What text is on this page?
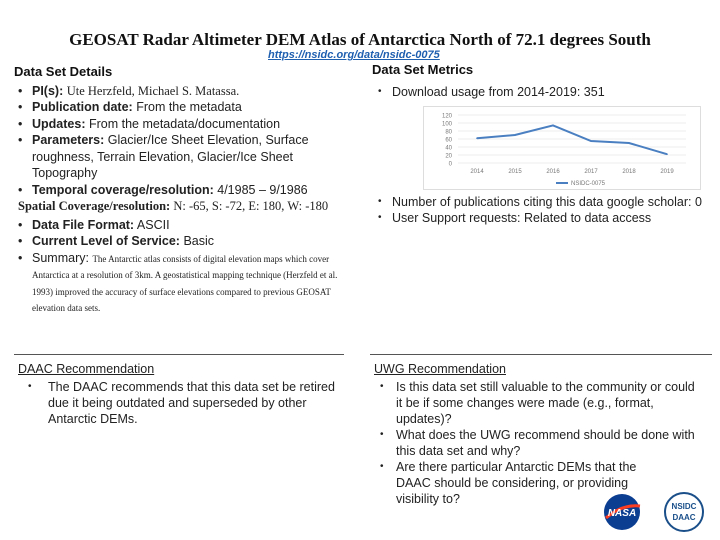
GEOSAT Radar Altimeter DEM Atlas of Antarctica North of 72.1 degrees South
https://nsidc.org/data/nsidc-0075
Data Set Details
• PI(s): Ute Herzfeld, Michael S. Matassa.
• Publication date: From the metadata
• Updates: From the metadata/documentation
• Parameters: Glacier/Ice Sheet Elevation, Surface roughness, Terrain Elevation, Glacier/Ice Sheet Topography
• Temporal coverage/resolution: 4/1985 – 9/1986
Spatial Coverage/resolution: N: -65, S: -72, E: 180, W: -180
• Data File Format: ASCII
• Current Level of Service: Basic
• Summary: The Antarctic atlas consists of digital elevation maps which cover Antarctica at a resolution of 3km. A geostatistical mapping technique (Herzfeld et al. 1993) improved the accuracy of surface elevations compared to previous GEOSAT elevation data sets.
Data Set Metrics
• Download usage from 2014-2019: 351
• Number of publications citing this data google scholar: 0
• User Support requests: Related to data access
120
100
80
60
40
20
0
2014	2015	2016	2017	2018	2019
NSIDC-0075
DAAC Recommendation
• The DAAC recommends that this data set be retired due it being outdated and superseded by other Antarctic DEMs.
UWG Recommendation
• Is this data set still valuable to the community or could it be if some changes were made (e.g., format, updates)?
• What does the UWG recommend should be done with this data set and why?
• Are there particular Antarctic DEMs that the DAAC should be considering, or providing visibility to?
NASA
NSIDC
DAAC
